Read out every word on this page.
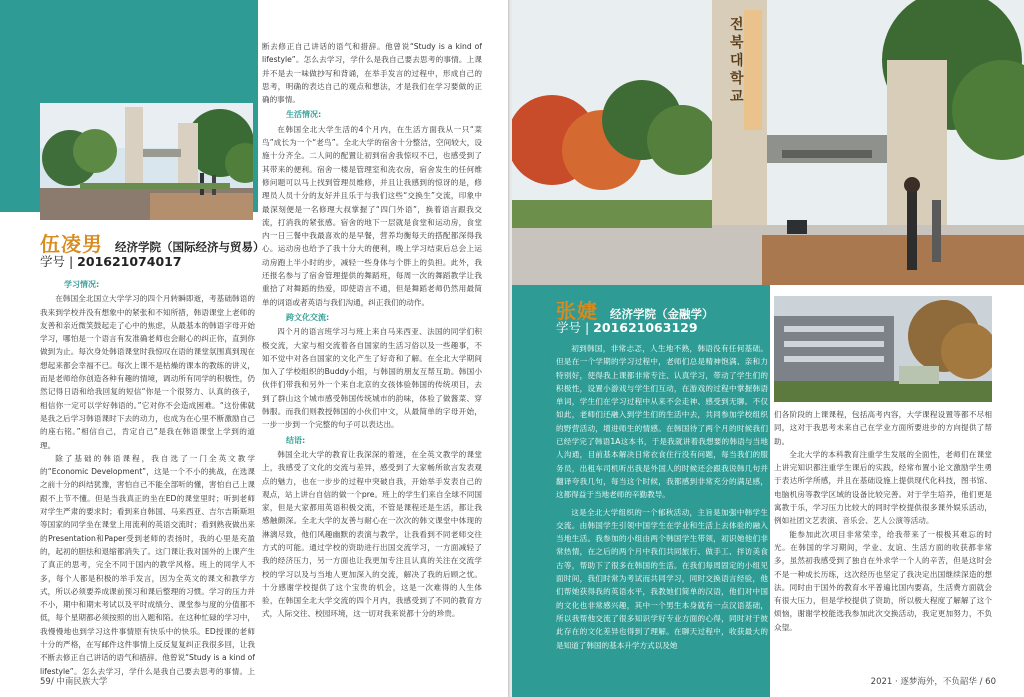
伍凌男 经济学院（国际经济与贸易）
学号 | 201621074017
学习情况:

在韩国全北国立大学学习的四个月转瞬即逝，考基础韩语的我来到学校并没有想象中的紧张和不知所措，韩语课堂上老师的友善和亲近微笑鼓起走了心中的焦虑，从最基本的韩语字母开始学习，哪怕是一个语言有发准确老师也会耐心的纠正你，直到你做到为止。每次身处韩语课堂时我惊叹在语的课堂氛围真到现在想起来都会幸福不已。每次上课不是枯燥的课本的教练的讲义，而是老师给你创造各种有趣的情境，调动所有同学的积极性，仍然记得日语和给我回复的短信“你是一个很努力、认真的孩子，相信你一定可以学好韩语的。”它对你不会造成困难。“这份佛就是我之后学习韩语课时下去的动力，也成为在心里不断激励自己的座右铭。”相信自己，肯定自己”是我在韩语课堂上学到的道理。

除了基础的韩语课程，我自选了一门全英文教学的“Economic Development”，这是一个不小的挑战，在选课之前十分的纠结犹豫，害怕自己不能全部听的懂，害怕自己上课跟不上节不懂。但是当我真正的坐在ED的课堂里时；听到老师对学生严肃的要求时；看到来自韩国、马来西亚、吉尔吉斯斯坦等国家的同学坐在课堂上用流利的英语交流时；看到熟夜做出来的Presentation和Paper受到老师的表扬时，我的心里是充盈的，起初的胆怯和退缩都消失了。这门课让我对国外的上课产生了真正的思考，完全不同于国内的教学风格。班上的同学人不多，每个人都是积极的举手发言，因为全英文的课文和教学方式，所以必须要养成课前预习和课后整理的习惯。学习的压力并不小，期中和期末考试以及平时成绩分、课堂参与度的分值都不低，每个星期都必须按照的出入题和陷。在这种忙碌的学习中，我慢慢地也到学习这件事情原有快乐中的快乐。ED授课的老师十分的严格，在写邮件这件事情上反反复复纠正我很多回，让我不断去修正自己讲话的语气和措辞。他曾说“Study is a kind of lifestyle”。怎么去学习，学什么是我自己要去思考的事情。上

断去修正自己讲话的语气和措辞。他曾说“Study is a kind of lifestyle”。怎么去学习，学什么是我自己要去思考的事情。上课并不是去一味做抄写和背诵，在举手发言的过程中，形成自己的思考，明确的表达自己的观点和想法，才是我们在学习要做的正确的事情。

生活情况:

在韩国全北大学生活的4个月内，在生活方面我从一只“菜鸟”成长为一个“老鸟”。全北大学的宿舍十分整洁，空间较大，设施十分齐全。二人间的配置让初到宿舍我惊叹不已，也感受到了其带来的便利。宿舍一楼是管理室和洗衣房，宿舍发生的任何维修问题可以马上找到管理员维修，并且让我感到的惊讶的是，修理员人员十分的友好并且乐于与我们这些“交换生”交流，印象中最深刻便是一名修理大叔掌握了“四门外语”，换着语言跟我交流，打消我的紧张感。宿舍的地下一层就是食堂和运动房，食堂内一日三餐中我最喜欢的是早餐，营养均衡每天的搭配都深得我心。运动房也给予了我十分大的便利，晚上学习结束后总会上运动房跑上半小时的步，减轻一些身体与个胖上的负担。此外，我还报名参与了宿舍管理提供的舞蹈班，每周一次的舞蹈教学让我重拾了对舞蹈的热爱，即使语言不通，但是舞蹈老师仍然用最简单的词语或者英语与我们沟通，纠正我们的动作。

跨文化交流:

四个月的语言班学习与班上来自马来西亚、法国的同学们积极交流，大家与相交流着各自国家的生活习俗以及一些趣事，不知不觉中对各自国家的文化产生了好奇和了解。在全北大学期间加入了学校组织的Buddy小组，与韩国的朋友互帮互助。韩国小伙伴们带我和另外一个来自北京的女孩体验韩国的传统项目，去到了群山这个城市感受韩国传统城市的韵味，体验了做酱菜、穿韩服。而我们则教授韩国的小伙们中文，从最简单的字母开始，一步一步到一个完整的句子可以表达出。

结语:

韩国全北大学的教育让我深深的着迷，在全英文教学的课堂上，我感受了文化的交流与差异，感受到了大家畅所欲言发表观点的魅力，也在一步步的过程中突破自我，开始举手发表自己的观点，站上讲台自信的做一个pre。班上的学生们来自全球不同国家，但是大家都用英语积极交流，不管是课程还是生活，都让我感触颇深。全北大学的友善与耐心在一次次的韩文课堂中体现的淋漓尽致，他们风趣幽默的表演与教学，让我看到不同老师交往方式的可能。通过学校的资助进行出国交流学习，一方面减轻了我的经济压力，另一方面也让我更加专注且认真的关注在交流学校的学习以及与当地人更加深入的交流，解决了我的后顾之忧。十分感谢学校提供了这个宝贵的机会，这是一次难得的人生体验，在韩国全北大学交流的四个月内，我感受到了不同的教育方式，人际交往、校园环境，这一切对我来说都十分的珍贵。

59/ 中南民族大学
전북대학교
张婕 经济学院（金融学）
学号 | 201621063129

初到韩国，非常忐忑，人生地不熟，韩语没有任何基础。但是在一个学期的学习过程中，老师们总是精神饱满、亲和力特别好，使得我上课都非常专注、认真学习，带动了学生们的积极性，设置小游戏与学生们互动，在游戏的过程中掌握韩语单词，学生们在学习过程中从来不会走神、感受到无聊。不仅如此，老师们还融入到学生们的生活中去，共同参加学校组织的野营活动，增进师生的情感。在韩国待了两个月的时候我们已经学完了韩语1A这本书，于是我就讲着我想要的韩语与当地人沟通，目前基本解决日常衣食住行没有问题，每当我们的服务员，出租车司机听出我是外国人的时候还会跟我说韩几句并翻译夸我几句，每当这个时候，我都感到非常充分的满足感，这都得益于当地老师的辛勤教导。

这是全北大学组织的一个郁秋活动，主旨是加强中韩学生交流。由韩国学生引领中国学生在学业和生活上去体验的融入当地生活。我参加的小组由两个韩国学生带领，初识她他们非常热情，在之后的两个月中我们共同旅行、做手工、拌访美食古等，帮助下了很多在韩国的生活。在我们每周固定的小组见面时间，我们时常为考试而共同学习，同时交换语言经验，他们帮她获得我的英语水平，我教她们简单的汉语，他们对中国的文化也非常感兴趣，其中一个男生本身就有一点汉语基础，所以我帮他交流了很多知识学好专业方面的心得，同时对于彼此存在的文化差异也得到了理解。在聊天过程中，收获最大的是知道了韩国的基本升学方式以及她

们各阶段的上课课程，包括高考内容，大学课程设置等都不尽相同，这对于我思考未来自己在学业方面所要进步的方向提供了帮助。

全北大学的本科教育注重学生发展的全面性，老师们在课堂上讲完知识都注重学生课后的实践，经常布置小论文激励学生勇于表达所学所感，并且在基础设施上提供现代化科技，图书馆、电脑机房等教学区域的设备比较完善。对于学生培养，他们更是寓教于乐，学习压力比较大的同时学校提供很多课外娱乐活动，例如社团文艺表演、音乐会、艺人公演等活动。

能参加此次项目非常荣幸，给我带来了一根极其难忘的时光。在韩国的学习期间，学业、友谊、生活方面的收获都非常多，虽然初我感受到了独自在外求学一个人的辛苦，但是这时会不是一种成长历练，这次经历也坚定了我决定出国继续深造的想法。同时由于国外的教育水平普遍比国内要高，生活费方面就会有很大压力，但是学校提供了资助，所以极大程度了解解了这个烦恼，谢谢学校能选我参加此次交换活动，我定更加努力，不负众望。

2021 · 逐梦海外，不负韶华 / 60
